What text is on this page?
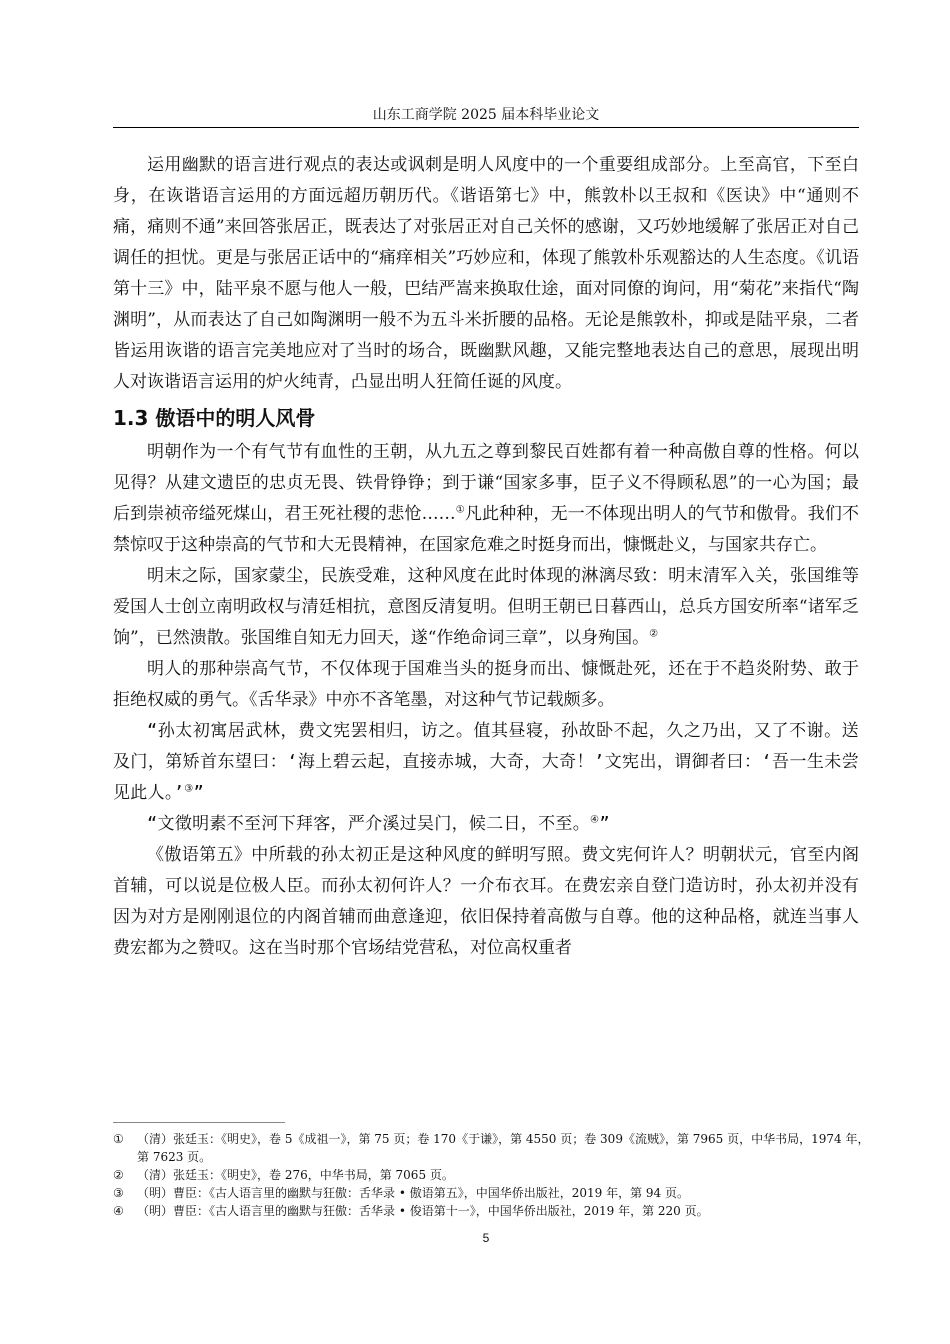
山东工商学院 2025 届本科毕业论文

运用幽默的语言进行观点的表达或讽刺是明人风度中的一个重要组成部分。上至高官，下至白身，在诙谐语言运用的方面远超历朝历代。《谐语第七》中，熊敦朴以王叔和《医诀》中“通则不痛，痛则不通”来回答张居正，既表达了对张居正对自己关怀的感谢，又巧妙地缓解了张居正对自己调任的担忧。更是与张居正话中的“痛痒相关”巧妙应和，体现了熊敦朴乐观豁达的人生态度。《讥语第十三》中，陆平泉不愿与他人一般，巴结严嵩来换取仕途，面对同僚的询问，用“菊花”来指代“陶渊明”，从而表达了自己如陶渊明一般不为五斗米折腰的品格。无论是熊敦朴，抑或是陆平泉，二者皆运用诙谐的语言完美地应对了当时的场合，既幽默风趣，又能完整地表达自己的意思，展现出明人对诙谐语言运用的炉火纯青，凸显出明人狂简任诞的风度。

1.3 傲语中的明人风骨

明朝作为一个有气节有血性的王朝，从九五之尊到黎民百姓都有着一种高傲自尊的性格。何以见得？从建文遗臣的忠贞无畏、铁骨铮铮；到于谦“国家多事，臣子义不得顾私恩”的一心为国；最后到崇祯帝缢死煤山，君王死社稷的悲怆……①凡此种种，无一不体现出明人的气节和傲骨。我们不禁惊叹于这种崇高的气节和大无畏精神，在国家危难之时挺身而出，慷慨赴义，与国家共存亡。

明末之际，国家蒙尘，民族受难，这种风度在此时体现的淋漓尽致：明末清军入关，张国维等爱国人士创立南明政权与清廷相抗，意图反清复明。但明王朝已日暮西山，总兵方国安所率“诸军乏饷”，已然溃散。张国维自知无力回天，遂“作绝命词三章”，以身殉国。②

明人的那种崇高气节，不仅体现于国难当头的挺身而出、慷慨赴死，还在于不趋炎附势、敢于拒绝权威的勇气。《舌华录》中亦不吝笔墨，对这种气节记载颇多。

“孙太初寓居武林，费文宪罢相归，访之。值其昼寝，孙故卧不起，久之乃出，又了不谢。送及门，第矫首东望曰：‘海上碧云起，直接赤城，大奇，大奇！’文宪出，谓御者曰：‘吾一生未尝见此人。’③”

“文徵明素不至河下拜客，严介溪过吴门，候二日，不至。④”

《傲语第五》中所载的孙太初正是这种风度的鲜明写照。费文宪何许人？明朝状元，官至内阁首辅，可以说是位极人臣。而孙太初何许人？一介布衣耳。在费宏亲自登门造访时，孙太初并没有因为对方是刚刚退位的内阁首辅而曲意逢迎，依旧保持着高傲与自尊。他的这种品格，就连当事人费宏都为之赞叹。这在当时那个官场结党营私，对位高权重者

①	（清）张廷玉：《明史》，卷 5《成祖一》，第 75 页；卷 170《于谦》，第 4550 页；卷 309《流贼》，第 7965 页，中华书局，1974 年，第 7623 页。
②	（清）张廷玉：《明史》，卷 276，中华书局，第 7065 页。
③	（明）曹臣：《古人语言里的幽默与狂傲：舌华录 • 傲语第五》，中国华侨出版社，2019 年，第 94 页。
④	（明）曹臣：《古人语言里的幽默与狂傲：舌华录 • 俊语第十一》，中国华侨出版社，2019 年，第 220 页。
5
